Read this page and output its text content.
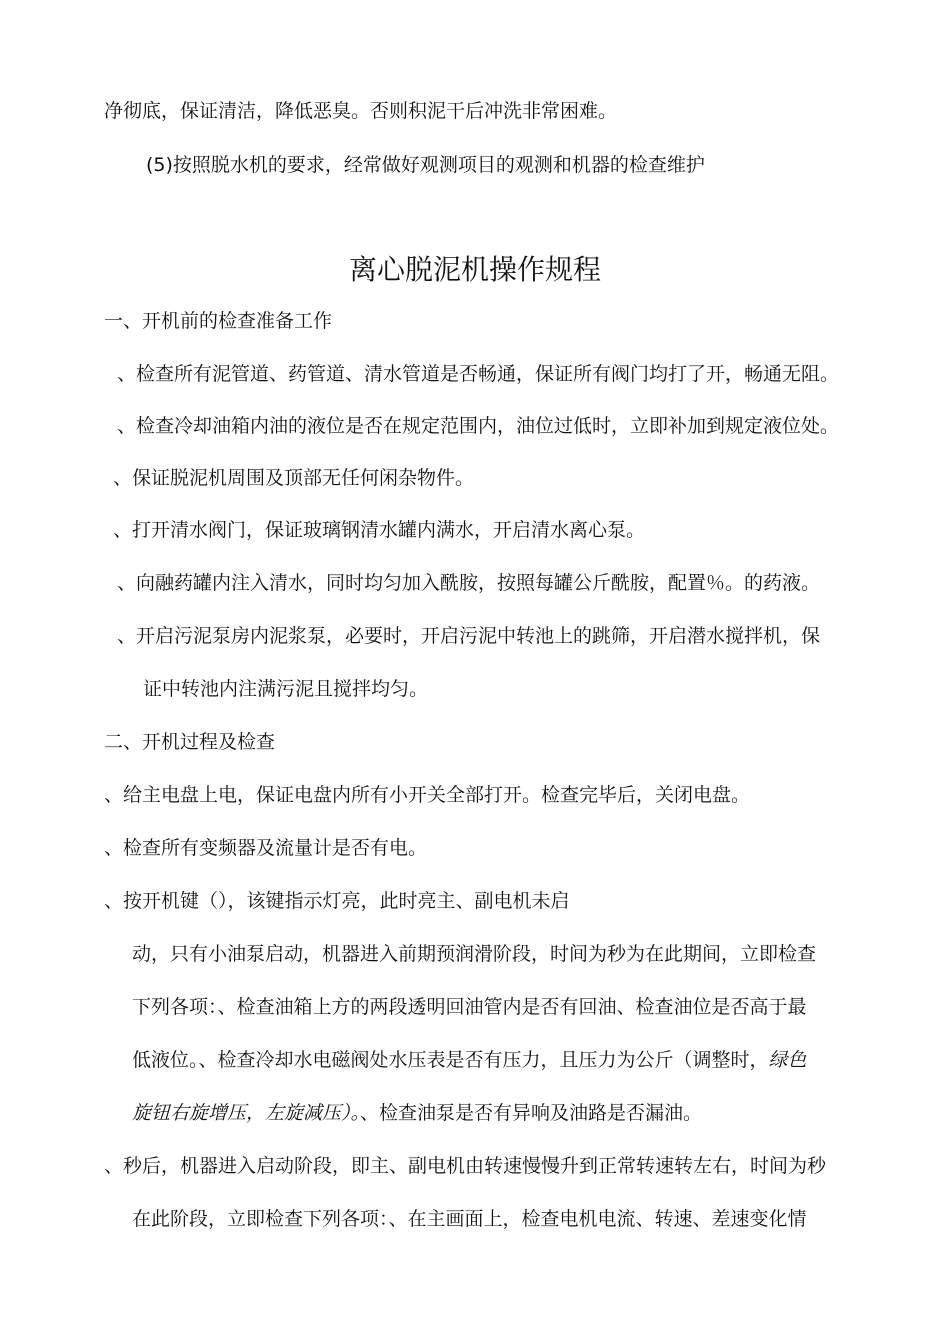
净彻底，保证清洁，降低恶臭。否则积泥干后冲洗非常困难。
(5)按照脱水机的要求，经常做好观测项目的观测和机器的检查维护
离心脱泥机操作规程
一、开机前的检查准备工作
、检查所有泥管道、药管道、清水管道是否畅通，保证所有阀门均打了开，畅通无阻。
、检查冷却油箱内油的液位是否在规定范围内，油位过低时，立即补加到规定液位处。
、保证脱泥机周围及顶部无任何闲杂物件。
、打开清水阀门，保证玻璃钢清水罐内满水，开启清水离心泵。
、向融药罐内注入清水，同时均匀加入酰胺，按照每罐公斤酰胺，配置％。的药液。
、开启污泥泵房内泥浆泵，必要时，开启污泥中转池上的跳筛，开启潜水搅拌机，保
证中转池内注满污泥且搅拌均匀。
二、开机过程及检查
、给主电盘上电，保证电盘内所有小开关全部打开。检查完毕后，关闭电盘。
、检查所有变频器及流量计是否有电。
、按开机键（），该键指示灯亮，此时亮主、副电机未启
动，只有小油泵启动，机器进入前期预润滑阶段，时间为秒为在此期间，立即检查
下列各项：、检查油箱上方的两段透明回油管内是否有回油、检查油位是否高于最
低液位。、检查冷却水电磁阀处水压表是否有压力，且压力为公斤（调整时，绿色
旋钮右旋增压，左旋减压）。、检查油泵是否有异响及油路是否漏油。
、秒后，机器进入启动阶段，即主、副电机由转速慢慢升到正常转速转左右，时间为秒
在此阶段，立即检查下列各项：、在主画面上，检查电机电流、转速、差速变化情
